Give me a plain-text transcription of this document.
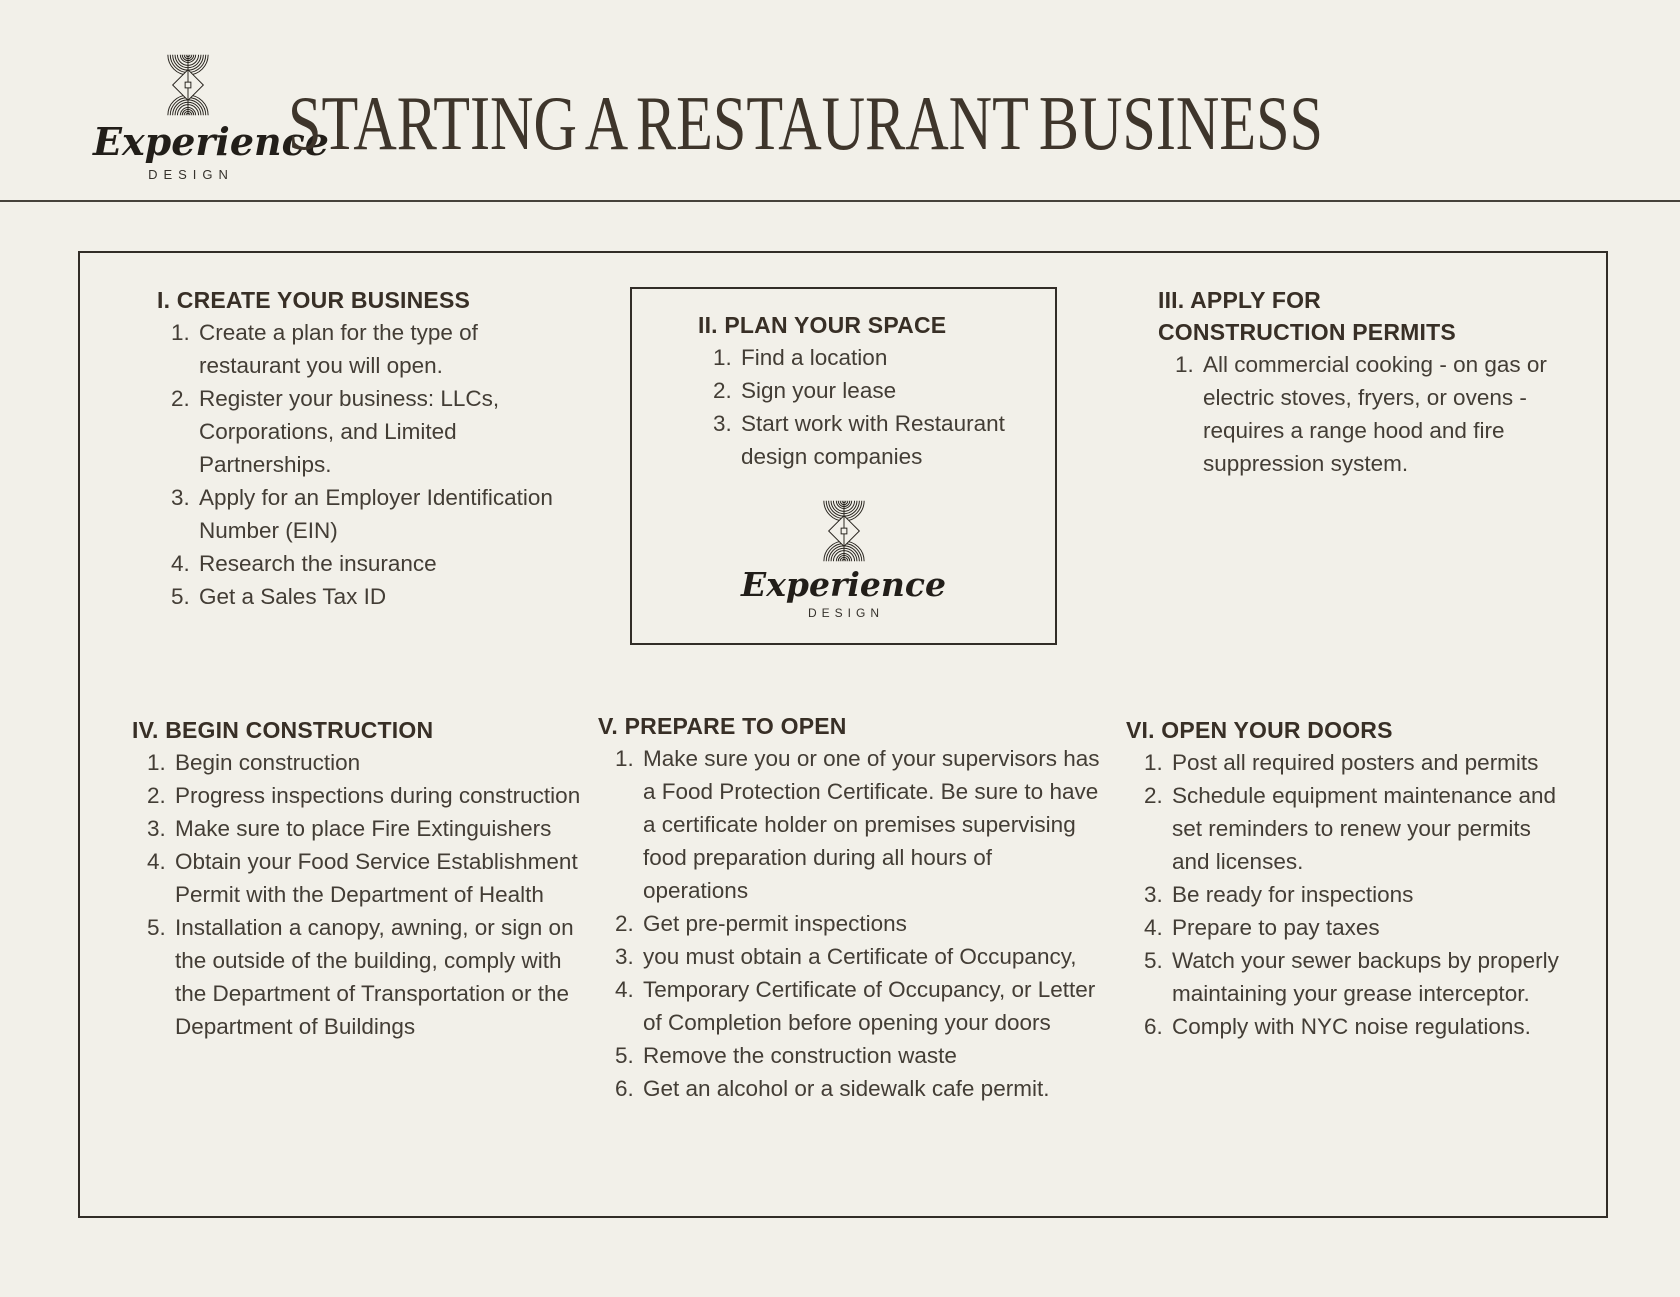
Experience
DESIGN
STARTING A RESTAURANT BUSINESS
I. CREATE YOUR BUSINESS
1. Create a plan for the type of restaurant you will open.
2. Register your business: LLCs, Corporations, and Limited Partnerships.
3. Apply for an Employer Identification Number (EIN)
4. Research the insurance
5. Get a Sales Tax ID
II. PLAN YOUR SPACE
1. Find a location
2. Sign your lease
3. Start work with Restaurant design companies
Experience
DESIGN
III. APPLY FOR CONSTRUCTION PERMITS
1. All commercial cooking - on gas or electric stoves, fryers, or ovens - requires a range hood and fire suppression system.
IV. BEGIN CONSTRUCTION
1. Begin construction
2. Progress inspections during construction
3. Make sure to place Fire Extinguishers
4. Obtain your Food Service Establishment Permit with the Department of Health
5. Installation a canopy, awning, or sign on the outside of the building, comply with the Department of Transportation or the Department of Buildings
V. PREPARE TO OPEN
1. Make sure you or one of your supervisors has a Food Protection Certificate. Be sure to have a certificate holder on premises supervising food preparation during all hours of operations
2. Get pre-permit inspections
3. you must obtain a Certificate of Occupancy,
4. Temporary Certificate of Occupancy, or Letter of Completion before opening your doors
5. Remove the construction waste
6. Get an alcohol or a sidewalk cafe permit.
VI. OPEN YOUR DOORS
1. Post all required posters and permits
2. Schedule equipment maintenance and set reminders to renew your permits and licenses.
3. Be ready for inspections
4. Prepare to pay taxes
5. Watch your sewer backups by properly maintaining your grease interceptor.
6. Comply with NYC noise regulations.
